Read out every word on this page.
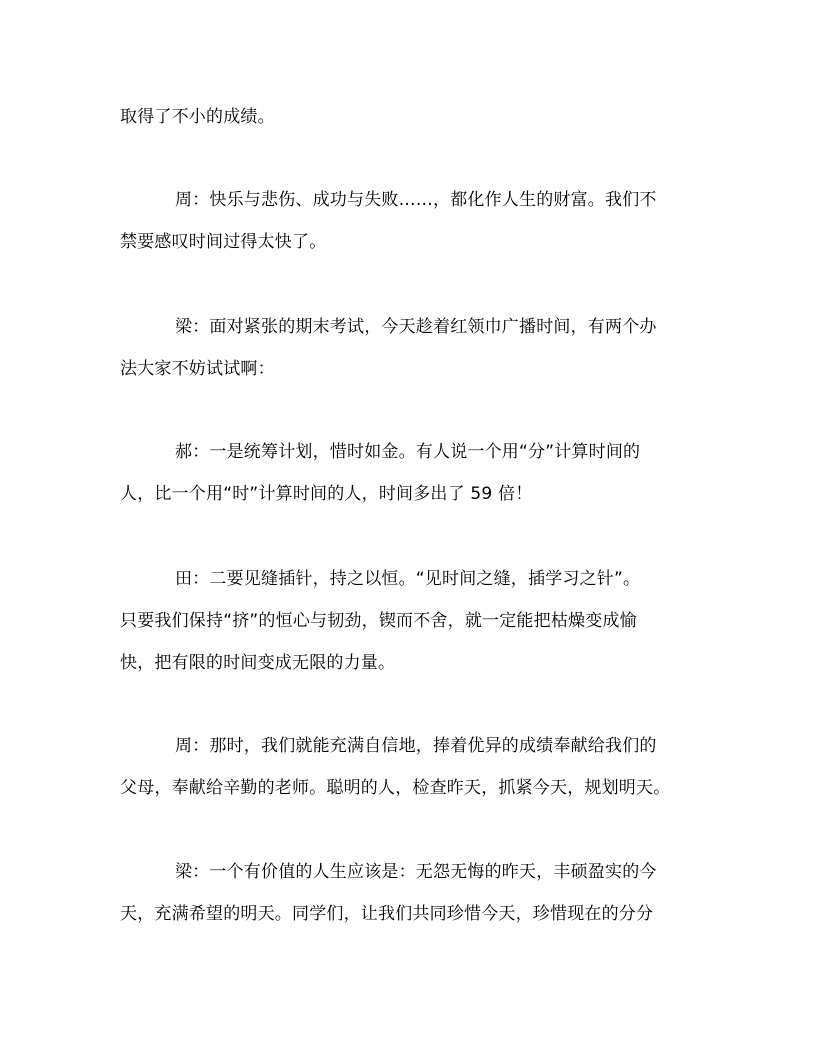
取得了不小的成绩。
周：快乐与悲伤、成功与失败……，都化作人生的财富。我们不
禁要感叹时间过得太快了。
梁：面对紧张的期末考试，今天趁着红领巾广播时间，有两个办
法大家不妨试试啊：
郝：一是统筹计划，惜时如金。有人说一个用“分”计算时间的
人，比一个用“时”计算时间的人，时间多出了 59 倍！
田：二要见缝插针，持之以恒。“见时间之缝，插学习之针”。
只要我们保持“挤”的恒心与韧劲，锲而不舍，就一定能把枯燥变成愉
快，把有限的时间变成无限的力量。
周：那时，我们就能充满自信地，捧着优异的成绩奉献给我们的
父母，奉献给辛勤的老师。聪明的人，检查昨天，抓紧今天，规划明天。
梁：一个有价值的人生应该是：无怨无悔的昨天，丰硕盈实的今
天，充满希望的明天。同学们，让我们共同珍惜今天，珍惜现在的分分
